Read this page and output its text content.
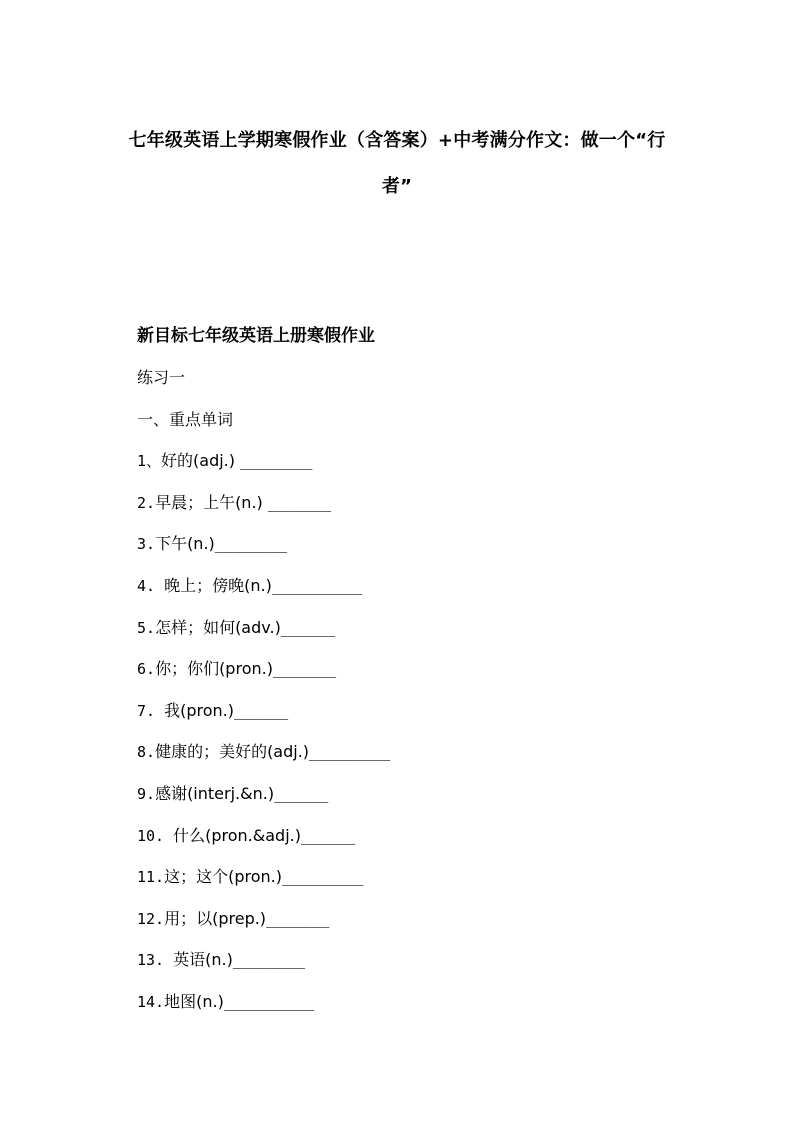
七年级英语上学期寒假作业（含答案）+中考满分作文：做一个“行
者”
新目标七年级英语上册寒假作业
练习一
一、重点单词
1、好的(adj.) ________
2.早晨；上午(n.) _______
3.下午(n.)________
4. 晚上；傍晚(n.)__________
5.怎样；如何(adv.)______
6.你；你们(pron.)_______
7. 我(pron.)______
8.健康的；美好的(adj.)_________
9.感谢(interj.&n.)______
10. 什么(pron.&adj.)______
11.这；这个(pron.)_________
12.用；以(prep.)_______
13. 英语(n.)________
14.地图(n.)__________
